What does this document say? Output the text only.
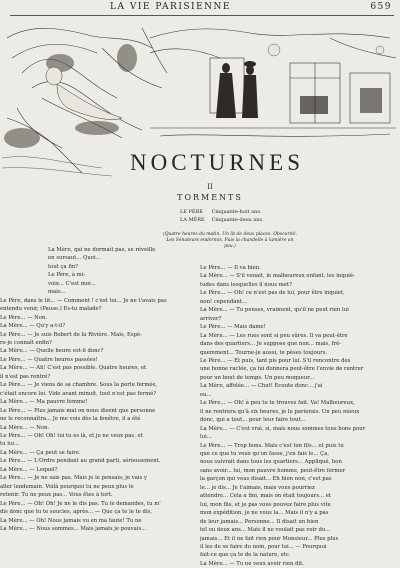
LA VIE PARISIENNE	659
NOCTURNES
II
TORMENTS
LE PÈRE Cinquante-huit ans.
LA MÈRE Cinquante-deux ans.
(Quatre heures du matin. Un lit de deux places. Obscurité. Les Sénateurs endormis. Puis la chandelle à lumière un peu.)

La Mère, qui ne dormait pas, se réveille

en sursaut... Quoi...

tout ça fin?

Le Père, à mi-

voix... C'est moi...

mais...

Le Père, dans le lit... — Comment ! c'est toi... Je ne t'avais pas

entendu venir, (Pause.) Es-tu malade?

Le Père... — Non.

La Mère... — Qu'y a-t-il?

Le Père... — Je suis Robert de la Rivière. Mais, Espè-

re-je connaît enfin?

La Mère... — Quelle heure est-il donc?

Le Père... — Quatre heures passées!

La Mère... — Ah! C'est pas possible. Quatre heures, et

il n'est pas rentré?

Le Père... — Je viens de sa chambre. Sous la porte fermée,

c'était encore lui. Vide avant minuit, tout n'est pas fermé?

La Mère... — Ma pauvre femme!

Le Père... — Plus jamais mal on nous disent que personne

ne le reconnaîtra... Je me vois dès la fenêtre, il a été

La Mère... — Non.

Le Père... — Oh! Oh! toi tu es là, et je ne veux pas, et

tu lui...

La Mère... — Ça peut se faire.

Le Père... — L'Ordre pendant au grand parti, sérieusement.

La Mère... — Lequel?

Le Père... — Je ne sais pas. Mais je le pensais; je vais y

aller lendemain. Voilà pourquoi tu ne peux plus le

retenir. Tu ne peux pas... Vous êtes à tort.

Le Père... — Oh! Oh! Je ne le dis pas. Tu le demandes, tu m'

dis donc que tu te soucies, après... — Que ça te le te dis,

La Mère... — Oh! Nous jamais vu en ma faute! Tu ne

La Mère... — Nous sommes... Mais jamais je pouvais...

Le Père... — Il va bien.

La Mère... — S'il venait, le malheureux enfant, les inquié-

tudes dans lesquelles il nous met?

Le Père... — Oh! ce n'est pas de lui, pour être inquiet,

non! cependant...

La Mère... — Tu penses, vraiment, qu'il ne peut rien lui

arriver?

Le Père... — Mais dame!

La Mère... — Les rues sont si peu sûres. Il va peut-être

dans des quartiers... Je suppose que non... mais, fré-

quemment... Tourne-je aussi, te pèses toujours.

Le Père... — Et puis, tant pis pour lui. S'il rencontre des

une bonne raclée, ça lui donnera peut-être l'envie de rentrer

pour un bout de temps. Un peu moqueur...

La Mère, affolée... — Chut! Écoute donc... j'ai

eu...

Le Père... — Oh! à peu tu te trouves fait. Va! Malheureux,

il ne rentrera qu'à six heures, je le parierais. Un peu mieux

donc, qui a tout... pour leur faire tout...

La Mère... — C'est vrai, si, mais nous sommes tous bons pour

lui...

Le Père... — Trop bons. Mais c'est ton fils... et puis tu

que ce que tu veux qu'on fasse, j'en fais le... Ça,

nous suivrait dans tous les quartiers... Appliqué, bon

sans avoir... lui, mon pauvre homme, peut-être fermer

la garçon qui vous disait... Eh bien non, c'est pas

le... je dis... Je t'aimais, mais vous pourriez

attendre... Cela a fini, mais on était toujours... et

lui, mon fils, et je pas vous pouvez faire plus vite

mon expédition, je ne vous la... Mais il n'y a pas

de leur jamais... Personne... Il disait un bien

tel ou deux ans... Mais il ne voulait pas voir du...

jamais... Et il ne fait rien pour Monsieur... Plus plus

il les de se faire du nom, pour lui... — Pourquoi

fait-ce que ça te de la nature, etc.

La Mère... — Tu ne veux avoir rien dit.
